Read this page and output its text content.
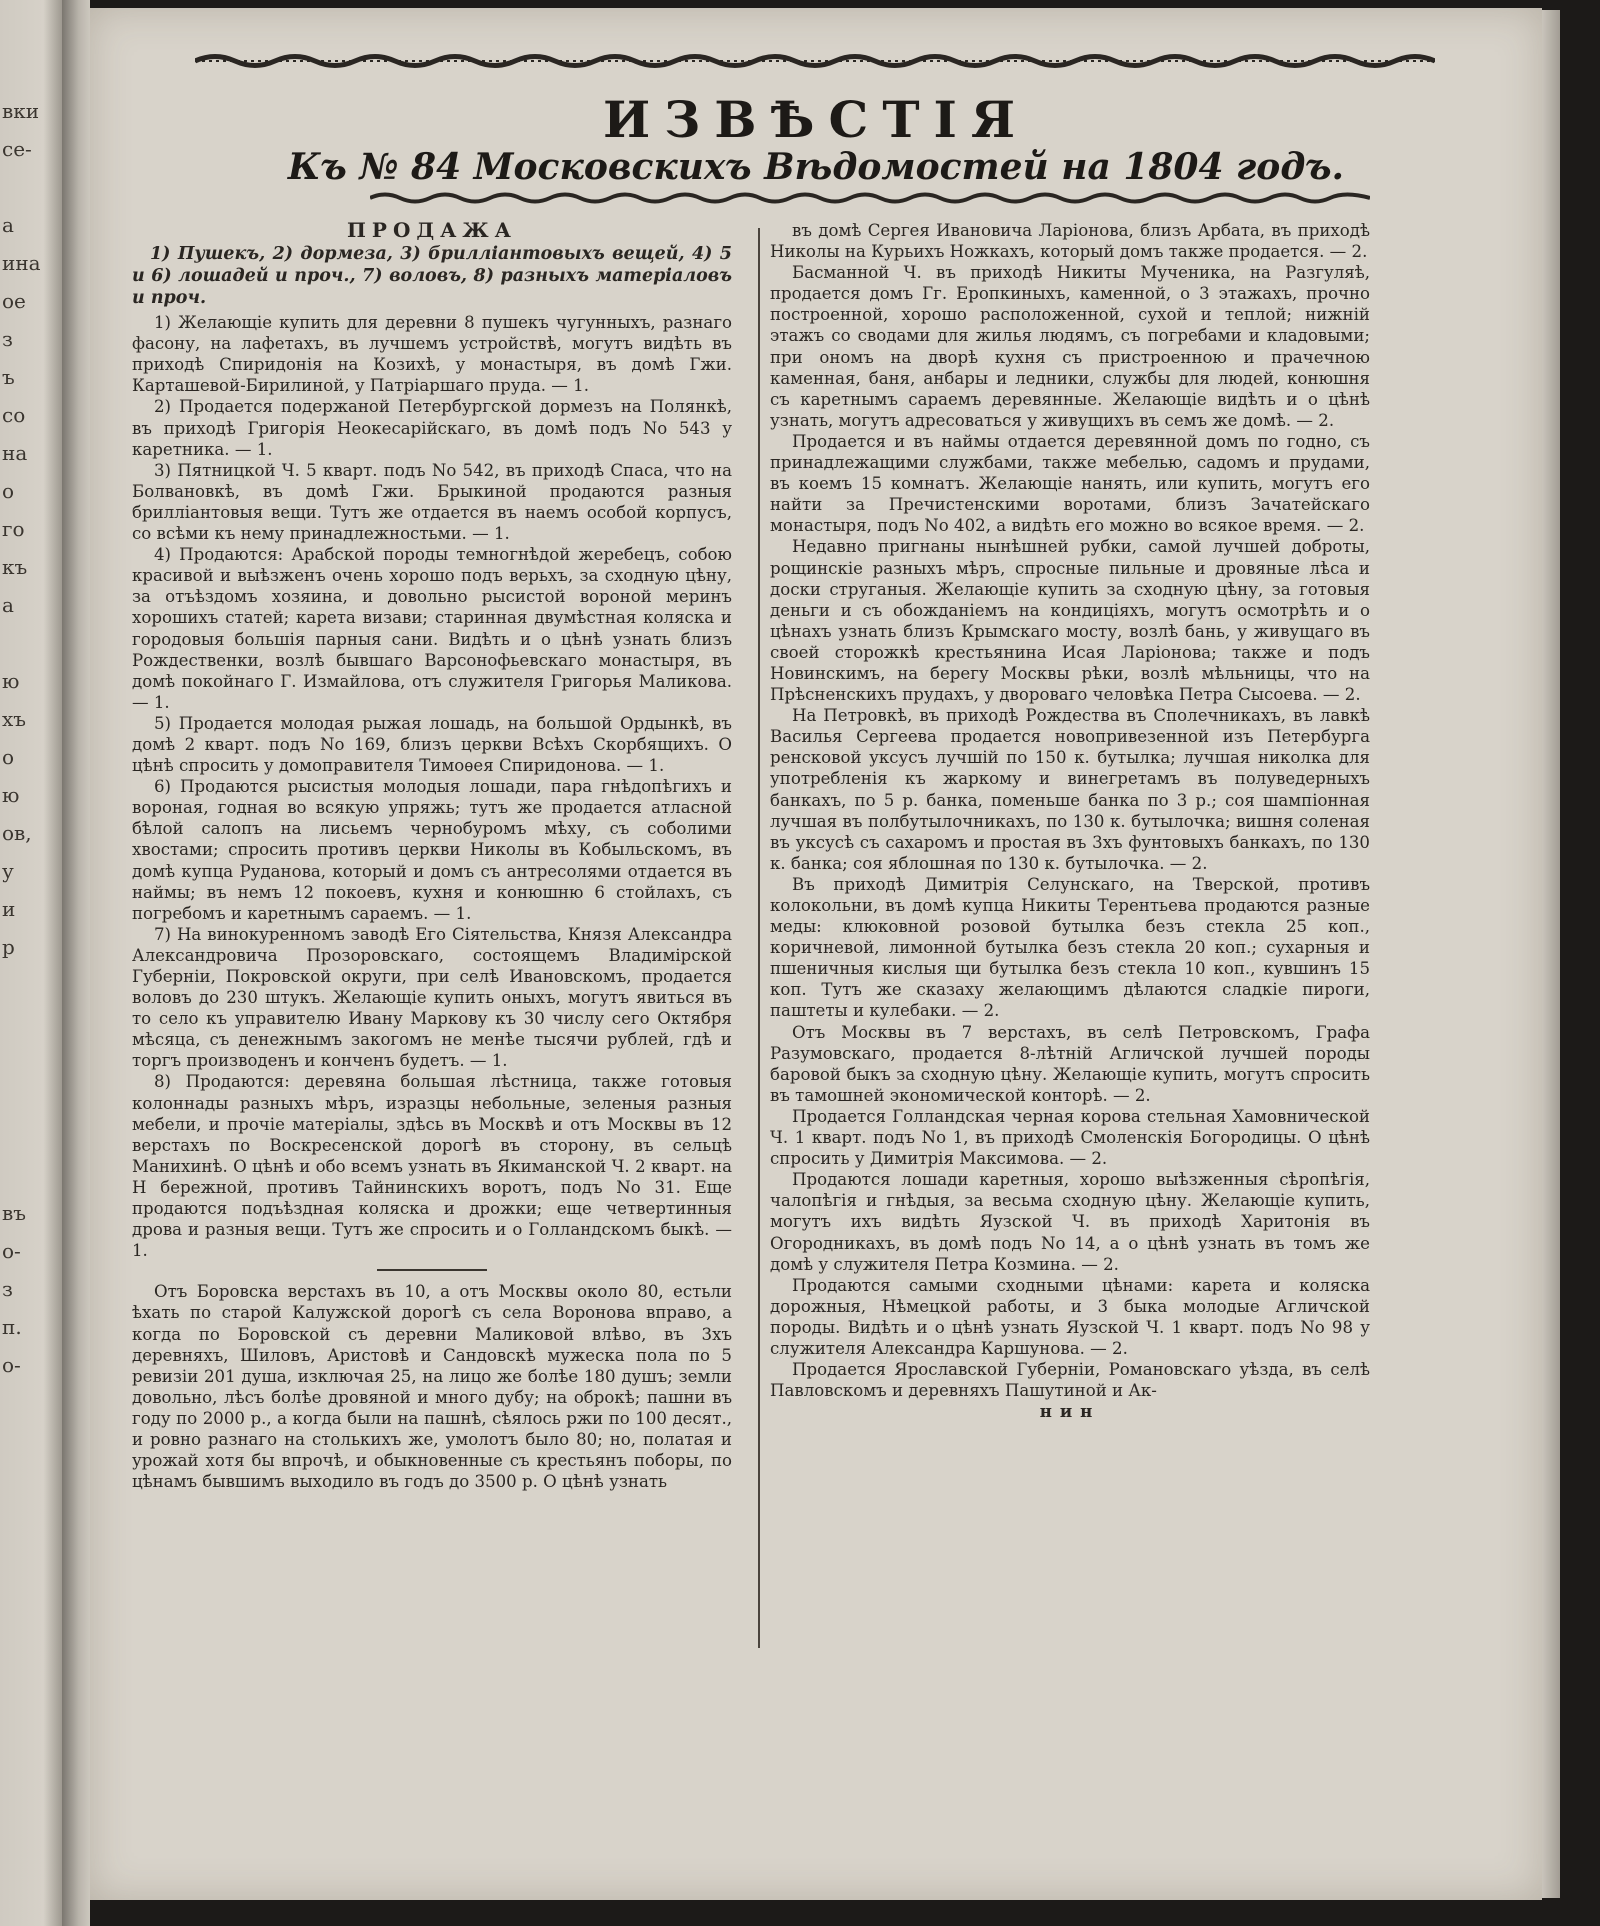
вки
се-
а
ина
ое
з
ъ
со
на
о
го
къ
а
ю
хъ
о
ю
ов,
у
и
р
въ
о-
з
п.
о-
ИЗВѢСТІЯ
Къ № 84 Московскихъ Вѣдомостей на 1804 годъ.
ПРОДАЖА
1) Пушекъ, 2) дормеза, 3) брилліантовыхъ вещей, 4) 5 и 6) лошадей и проч., 7) воловъ, 8) разныхъ матеріаловъ и проч.

1) Желающіе купить для деревни 8 пушекъ чугунныхъ, разнаго фасону, на лафетахъ, въ лучшемъ устройствѣ, могутъ видѣть въ приходѣ Спиридонія на Козихѣ, у монастыря, въ домѣ Гжи. Карташевой-Бирилиной, у Патріаршаго пруда. — 1.

2) Продается подержаной Петербургской дормезъ на Полянкѣ, въ приходѣ Григорія Неокесарійскаго, въ домѣ подъ No 543 у каретника. — 1.

3) Пятницкой Ч. 5 кварт. подъ No 542, въ приходѣ Спаса, что на Болвановкѣ, въ домѣ Гжи. Брыкиной продаются разныя брилліантовыя вещи. Тутъ же отдается въ наемъ особой корпусъ, со всѣми къ нему принадлежностьми. — 1.

4) Продаются: Арабской породы темногнѣдой жеребецъ, собою красивой и выѣзженъ очень хорошо подъ верьхъ, за сходную цѣну, за отъѣздомъ хозяина, и довольно рысистой вороной меринъ хорошихъ статей; карета визави; старинная двумѣстная коляска и городовыя большія парныя сани. Видѣть и о цѣнѣ узнать близъ Рождественки, возлѣ бывшаго Варсонофьевскаго монастыря, въ домѣ покойнаго Г. Измайлова, отъ служителя Григорья Маликова. — 1.

5) Продается молодая рыжая лошадь, на большой Ордынкѣ, въ домѣ 2 кварт. подъ No 169, близъ церкви Всѣхъ Скорбящихъ. О цѣнѣ спросить у домоправителя Тимоѳея Спиридонова. — 1.

6) Продаются рысистыя молодыя лошади, пара гнѣдопѣгихъ и вороная, годная во всякую упряжь; тутъ же продается атласной бѣлой салопъ на лисьемъ чернобуромъ мѣху, съ соболими хвостами; спросить противъ церкви Николы въ Кобыльскомъ, въ домѣ купца Руданова, который и домъ съ антресолями отдается въ наймы; въ немъ 12 покоевъ, кухня и конюшню 6 стойлахъ, съ погребомъ и каретнымъ сараемъ. — 1.

7) На винокуренномъ заводѣ Его Сіятельства, Князя Александра Александровича Прозоровскаго, состоящемъ Владимірской Губерніи, Покровской округи, при селѣ Ивановскомъ, продается воловъ до 230 штукъ. Желающіе купить оныхъ, могутъ явиться въ то село къ управителю Ивану Маркову къ 30 числу сего Октября мѣсяца, съ денежнымъ закогомъ не менѣе тысячи рублей, гдѣ и торгъ производенъ и конченъ будетъ. — 1.

8) Продаются: деревяна большая лѣстница, также готовыя колоннады разныхъ мѣръ, изразцы небольные, зеленыя разныя мебели, и прочіе матеріалы, здѣсь въ Москвѣ и отъ Москвы въ 12 верстахъ по Воскресенской дорогѣ въ сторону, въ сельцѣ Манихинѣ. О цѣнѣ и обо всемъ узнать въ Якиманской Ч. 2 кварт. на Н бережной, противъ Тайнинскихъ воротъ, подъ No 31. Еще продаются подъѣздная коляска и дрожки; еще четвертинныя дрова и разныя вещи. Тутъ же спросить и о Голландскомъ быкѣ. — 1.

Отъ Боровска верстахъ въ 10, а отъ Москвы около 80, естьли ѣхать по старой Калужской дорогѣ съ села Воронова вправо, а когда по Боровской съ деревни Маликовой влѣво, въ 3хъ деревняхъ, Шиловъ, Аристовѣ и Сандовскѣ мужеска пола по 5 ревизіи 201 душа, изключая 25, на лицо же болѣе 180 душъ; земли довольно, лѣсъ болѣе дровяной и много дубу; на оброкѣ; пашни въ году по 2000 р., а когда были на пашнѣ, сѣялось ржи по 100 десят., и ровно разнаго на столькихъ же, умолотъ было 80; но, полатая и урожай хотя бы впрочѣ, и обыкновенные съ крестьянъ поборы, по цѣнамъ бывшимъ выходило въ годъ до 3500 р. О цѣнѣ узнать

въ домѣ Сергея Ивановича Ларіонова, близъ Арбата, въ приходѣ Николы на Курьихъ Ножкахъ, который домъ также продается. — 2.

Басманной Ч. въ приходѣ Никиты Мученика, на Разгуляѣ, продается домъ Гг. Еропкиныхъ, каменной, о 3 этажахъ, прочно построенной, хорошо расположенной, сухой и теплой; нижній этажъ со сводами для жилья людямъ, съ погребами и кладовыми; при ономъ на дворѣ кухня съ пристроенною и прачечною каменная, баня, анбары и ледники, службы для людей, конюшня съ каретнымъ сараемъ деревянные. Желающіе видѣть и о цѣнѣ узнать, могутъ адресоваться у живущихъ въ семъ же домѣ. — 2.

Продается и въ наймы отдается деревянной домъ по годно, съ принадлежащими службами, также мебелью, садомъ и прудами, въ коемъ 15 комнатъ. Желающіе нанять, или купить, могутъ его найти за Пречистенскими воротами, близъ Зачатейскаго монастыря, подъ No 402, а видѣть его можно во всякое время. — 2.

Недавно пригнаны нынѣшней рубки, самой лучшей доброты, рощинскіе разныхъ мѣръ, спросные пильные и дровяные лѣса и доски струганыя. Желающіе купить за сходную цѣну, за готовыя деньги и съ обожданіемъ на кондиціяхъ, могутъ осмотрѣть и о цѣнахъ узнать близъ Крымскаго мосту, возлѣ бань, у живущаго въ своей сторожкѣ крестьянина Исая Ларіонова; также и подъ Новинскимъ, на берегу Москвы рѣки, возлѣ мѣльницы, что на Прѣсненскихъ прудахъ, у двороваго человѣка Петра Сысоева. — 2.

На Петровкѣ, въ приходѣ Рождества въ Сполечникахъ, въ лавкѣ Василья Сергеева продается новопривезенной изъ Петербурга ренсковой уксусъ лучшій по 150 к. бутылка; лучшая николка для употребленія къ жаркому и винегретамъ въ полуведерныхъ банкахъ, по 5 р. банка, поменьше банка по 3 р.; соя шампіонная лучшая въ полбутылочникахъ, по 130 к. бутылочка; вишня соленая въ уксусѣ съ сахаромъ и простая въ 3хъ фунтовыхъ банкахъ, по 130 к. банка; соя яблошная по 130 к. бутылочка. — 2.

Въ приходѣ Димитрія Селунскаго, на Тверской, противъ колокольни, въ домѣ купца Никиты Терентьева продаются разные меды: клюковной розовой бутылка безъ стекла 25 коп., коричневой, лимонной бутылка безъ стекла 20 коп.; сухарныя и пшеничныя кислыя щи бутылка безъ стекла 10 коп., кувшинъ 15 коп. Тутъ же сказаху желающимъ дѣлаются сладкіе пироги, паштеты и кулебаки. — 2.

Отъ Москвы въ 7 верстахъ, въ селѣ Петровскомъ, Графа Разумовскаго, продается 8-лѣтній Агличской лучшей породы баровой быкъ за сходную цѣну. Желающіе купить, могутъ спросить въ тамошней экономической конторѣ. — 2.

Продается Голландская черная корова стельная Хамовнической Ч. 1 кварт. подъ No 1, въ приходѣ Смоленскія Богородицы. О цѣнѣ спросить у Димитрія Максимова. — 2.

Продаются лошади каретныя, хорошо выѣзженныя сѣропѣгія, чалопѣгія и гнѣдыя, за весьма сходную цѣну. Желающіе купить, могутъ ихъ видѣть Яузской Ч. въ приходѣ Харитонія въ Огородникахъ, въ домѣ подъ No 14, а о цѣнѣ узнать въ томъ же домѣ у служителя Петра Козмина. — 2.

Продаются самыми сходными цѣнами: карета и коляска дорожныя, Нѣмецкой работы, и 3 быка молодые Агличской породы. Видѣть и о цѣнѣ узнать Яузской Ч. 1 кварт. подъ No 98 у служителя Александра Каршунова. — 2.

Продается Ярославской Губерніи, Романовскаго уѣзда, въ селѣ Павловскомъ и деревняхъ Пашутиной и Ак-

нин
